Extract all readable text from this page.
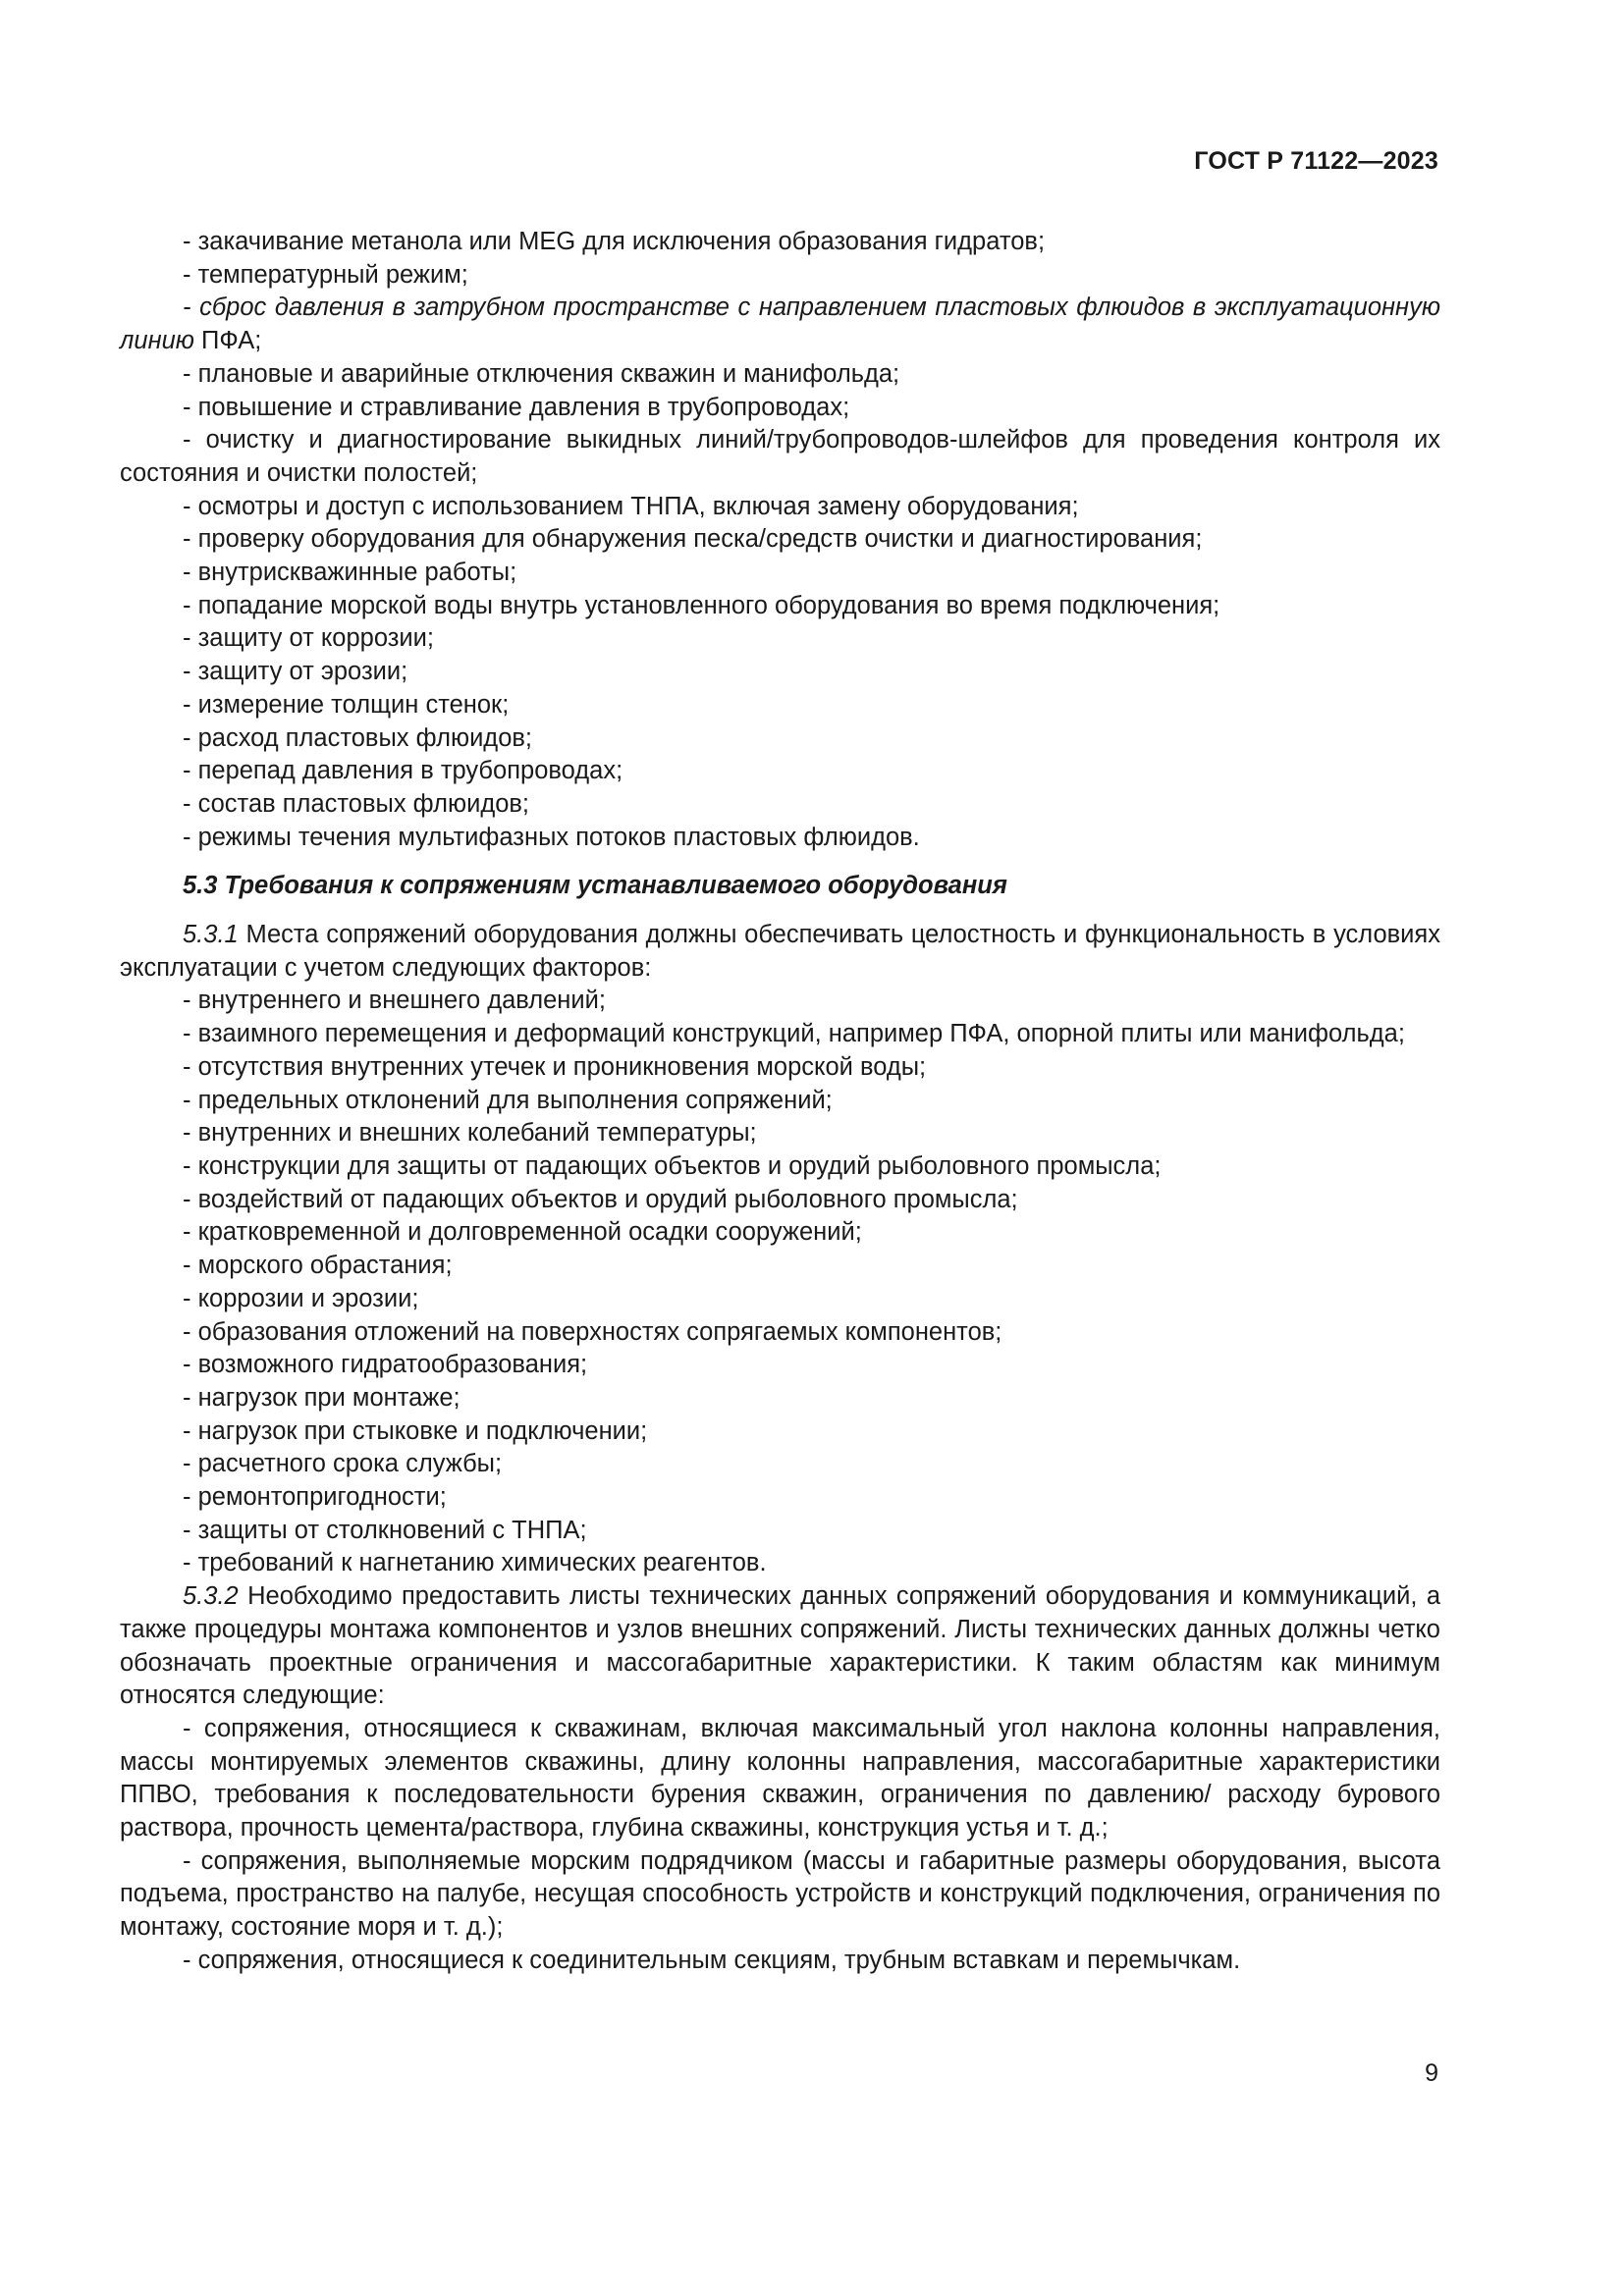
ГОСТ Р 71122—2023

- закачивание метанола или MEG для исключения образования гидратов;

- температурный режим;

- сброс давления в затрубном пространстве с направлением пластовых флюидов в эксплуатационную линию ПФА;

- плановые и аварийные отключения скважин и манифольда;

- повышение и стравливание давления в трубопроводах;

- очистку и диагностирование выкидных линий/трубопроводов-шлейфов для проведения контроля их состояния и очистки полостей;

- осмотры и доступ с использованием ТНПА, включая замену оборудования;

- проверку оборудования для обнаружения песка/средств очистки и диагностирования;

- внутрискважинные работы;

- попадание морской воды внутрь установленного оборудования во время подключения;

- защиту от коррозии;

- защиту от эрозии;

- измерение толщин стенок;

- расход пластовых флюидов;

- перепад давления в трубопроводах;

- состав пластовых флюидов;

- режимы течения мультифазных потоков пластовых флюидов.

5.3 Требования к сопряжениям устанавливаемого оборудования

5.3.1 Места сопряжений оборудования должны обеспечивать целостность и функциональность в условиях эксплуатации с учетом следующих факторов:

- внутреннего и внешнего давлений;

- взаимного перемещения и деформаций конструкций, например ПФА, опорной плиты или манифольда;

- отсутствия внутренних утечек и проникновения морской воды;

- предельных отклонений для выполнения сопряжений;

- внутренних и внешних колебаний температуры;

- конструкции для защиты от падающих объектов и орудий рыболовного промысла;

- воздействий от падающих объектов и орудий рыболовного промысла;

- кратковременной и долговременной осадки сооружений;

- морского обрастания;

- коррозии и эрозии;

- образования отложений на поверхностях сопрягаемых компонентов;

- возможного гидратообразования;

- нагрузок при монтаже;

- нагрузок при стыковке и подключении;

- расчетного срока службы;

- ремонтопригодности;

- защиты от столкновений с ТНПА;

- требований к нагнетанию химических реагентов.

5.3.2 Необходимо предоставить листы технических данных сопряжений оборудования и коммуникаций, а также процедуры монтажа компонентов и узлов внешних сопряжений. Листы технических данных должны четко обозначать проектные ограничения и массогабаритные характеристики. К таким областям как минимум относятся следующие:

- сопряжения, относящиеся к скважинам, включая максимальный угол наклона колонны направления, массы монтируемых элементов скважины, длину колонны направления, массогабаритные характеристики ППВО, требования к последовательности бурения скважин, ограничения по давлению/ расходу бурового раствора, прочность цемента/раствора, глубина скважины, конструкция устья и т. д.;

- сопряжения, выполняемые морским подрядчиком (массы и габаритные размеры оборудования, высота подъема, пространство на палубе, несущая способность устройств и конструкций подключения, ограничения по монтажу, состояние моря и т. д.);

- сопряжения, относящиеся к соединительным секциям, трубным вставкам и перемычкам.

9
